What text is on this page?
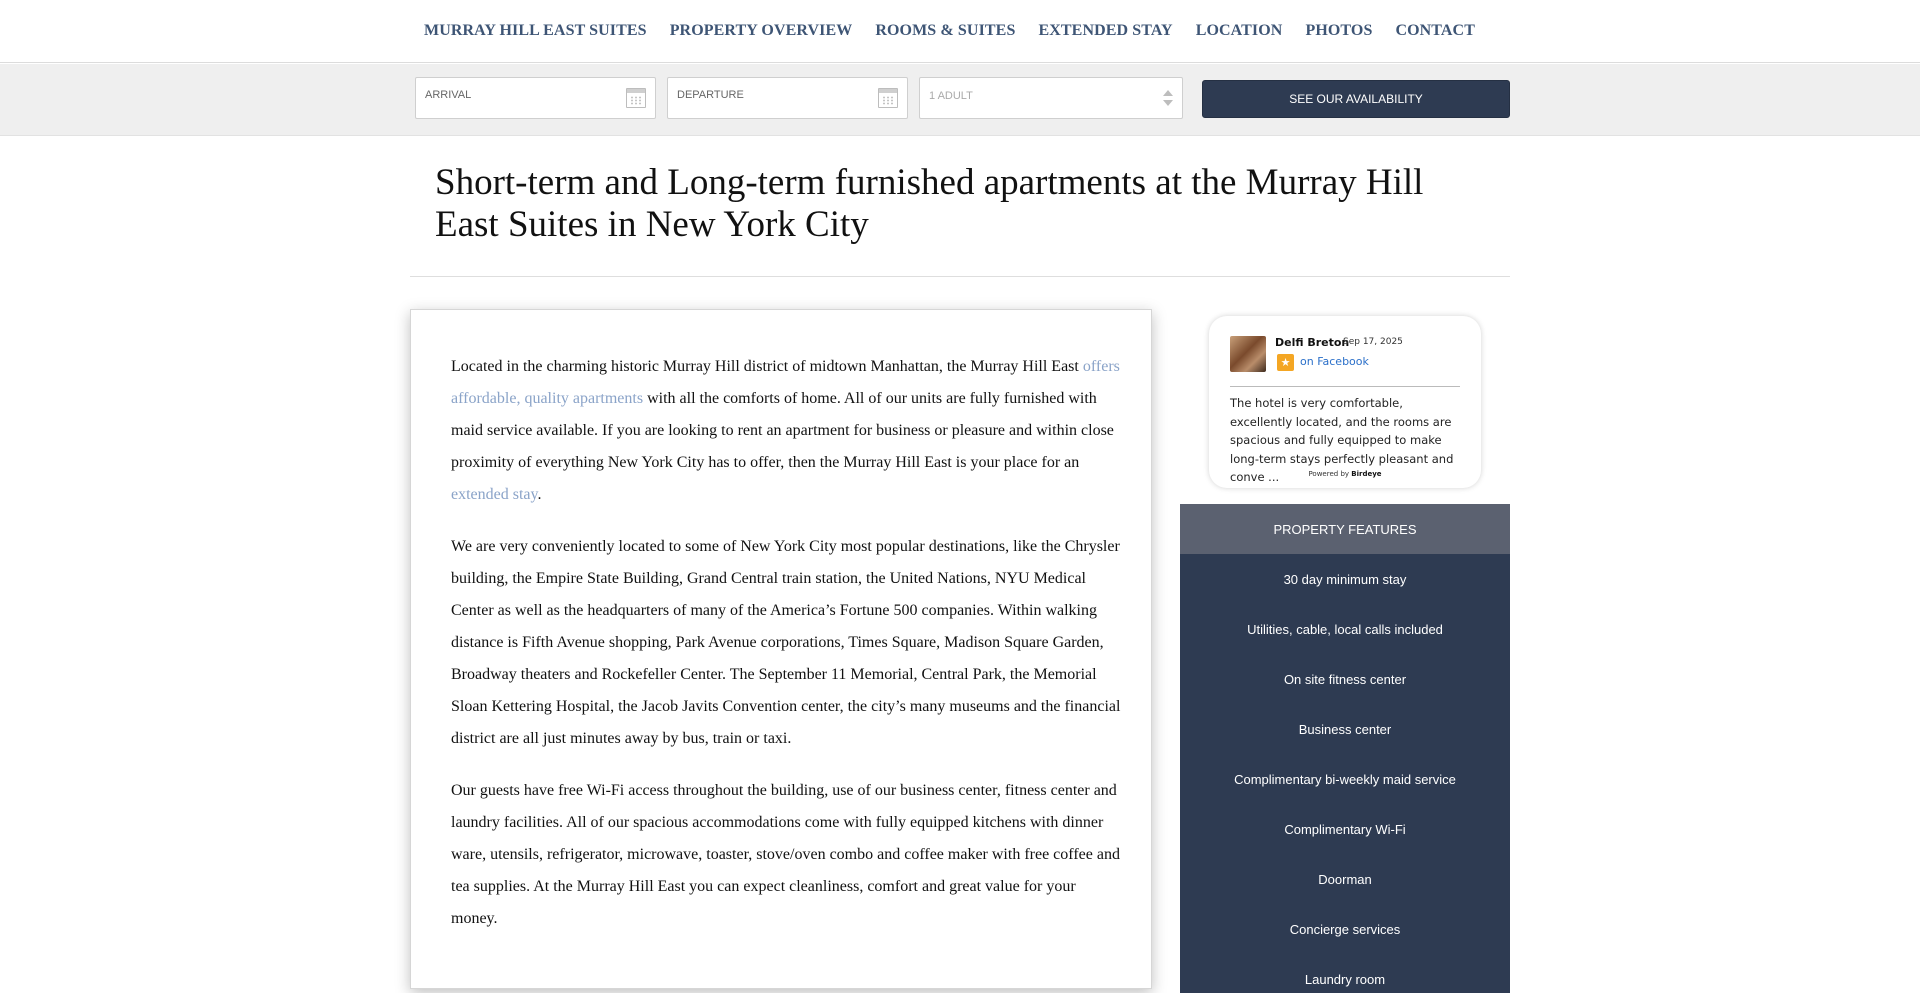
MURRAY HILL EAST SUITES PROPERTY OVERVIEW ROOMS & SUITES EXTENDED STAY LOCATION PHOTOS CONTACT
ARRIVAL	DEPARTURE	1 ADULT	SEE OUR AVAILABILITY
Short-term and Long-term furnished apartments at the Murray Hill East Suites in New York City

Located in the charming historic Murray Hill district of midtown Manhattan, the Murray Hill East offers affordable, quality apartments with all the comforts of home. All of our units are fully furnished with maid service available. If you are looking to rent an apartment for business or pleasure and within close proximity of everything New York City has to offer, then the Murray Hill East is your place for an extended stay.

We are very conveniently located to some of New York City most popular destinations, like the Chrysler building, the Empire State Building, Grand Central train station, the United Nations, NYU Medical Center as well as the headquarters of many of the America’s Fortune 500 companies. Within walking distance is Fifth Avenue shopping, Park Avenue corporations, Times Square, Madison Square Garden, Broadway theaters and Rockefeller Center. The September 11 Memorial, Central Park, the Memorial Sloan Kettering Hospital, the Jacob Javits Convention center, the city’s many museums and the financial district are all just minutes away by bus, train or taxi.

Our guests have free Wi-Fi access throughout the building, use of our business center, fitness center and laundry facilities. All of our spacious accommodations come with fully equipped kitchens with dinner ware, utensils, refrigerator, microwave, toaster, stove/oven combo and coffee maker with free coffee and tea supplies. At the Murray Hill East you can expect cleanliness, comfort and great value for your money.

Delfi Breton
Sep 17, 2025
★ on Facebook
The hotel is very comfortable, excellently located, and the rooms are spacious and fully equipped to make long-term stays perfectly pleasant and conve ...	Powered by Birdeye
PROPERTY FEATURES
30 day minimum stay
Utilities, cable, local calls included
On site fitness center
Business center
Complimentary bi-weekly maid service
Complimentary Wi-Fi
Doorman
Concierge services
Laundry room
